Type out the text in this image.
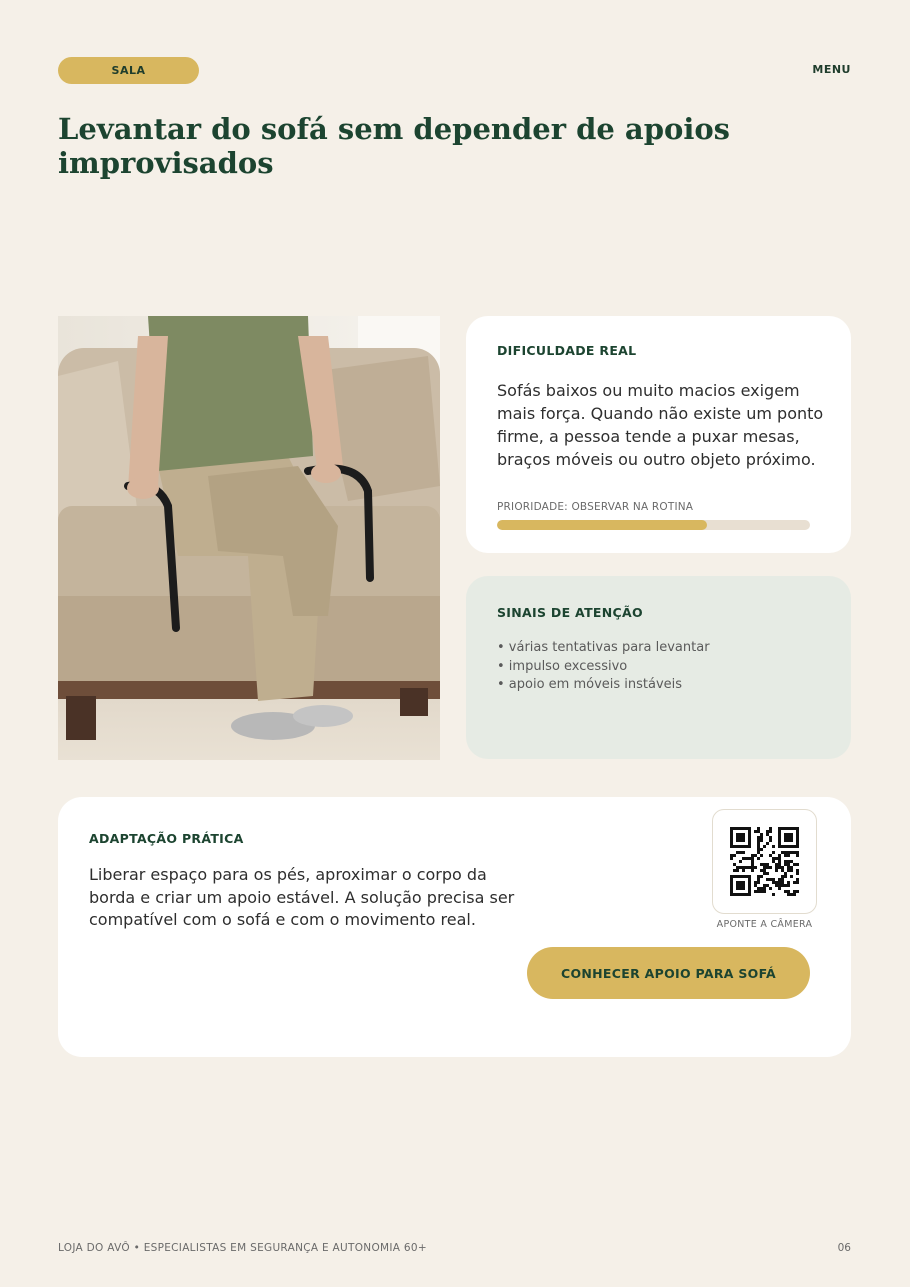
SALA	MENU
Levantar do sofá sem depender de apoios improvisados
DIFICULDADE REAL
Sofás baixos ou muito macios exigem mais força. Quando não existe um ponto firme, a pessoa tende a puxar mesas, braços móveis ou outro objeto próximo.
PRIORIDADE: OBSERVAR NA ROTINA
SINAIS DE ATENÇÃO
• várias tentativas para levantar
• impulso excessivo
• apoio em móveis instáveis
ADAPTAÇÃO PRÁTICA
Liberar espaço para os pés, aproximar o corpo da borda e criar um apoio estável. A solução precisa ser compatível com o sofá e com o movimento real.	APONTE A CÂMERA
CONHECER APOIO PARA SOFÁ
LOJA DO AVÔ • ESPECIALISTAS EM SEGURANÇA E AUTONOMIA 60+	06
